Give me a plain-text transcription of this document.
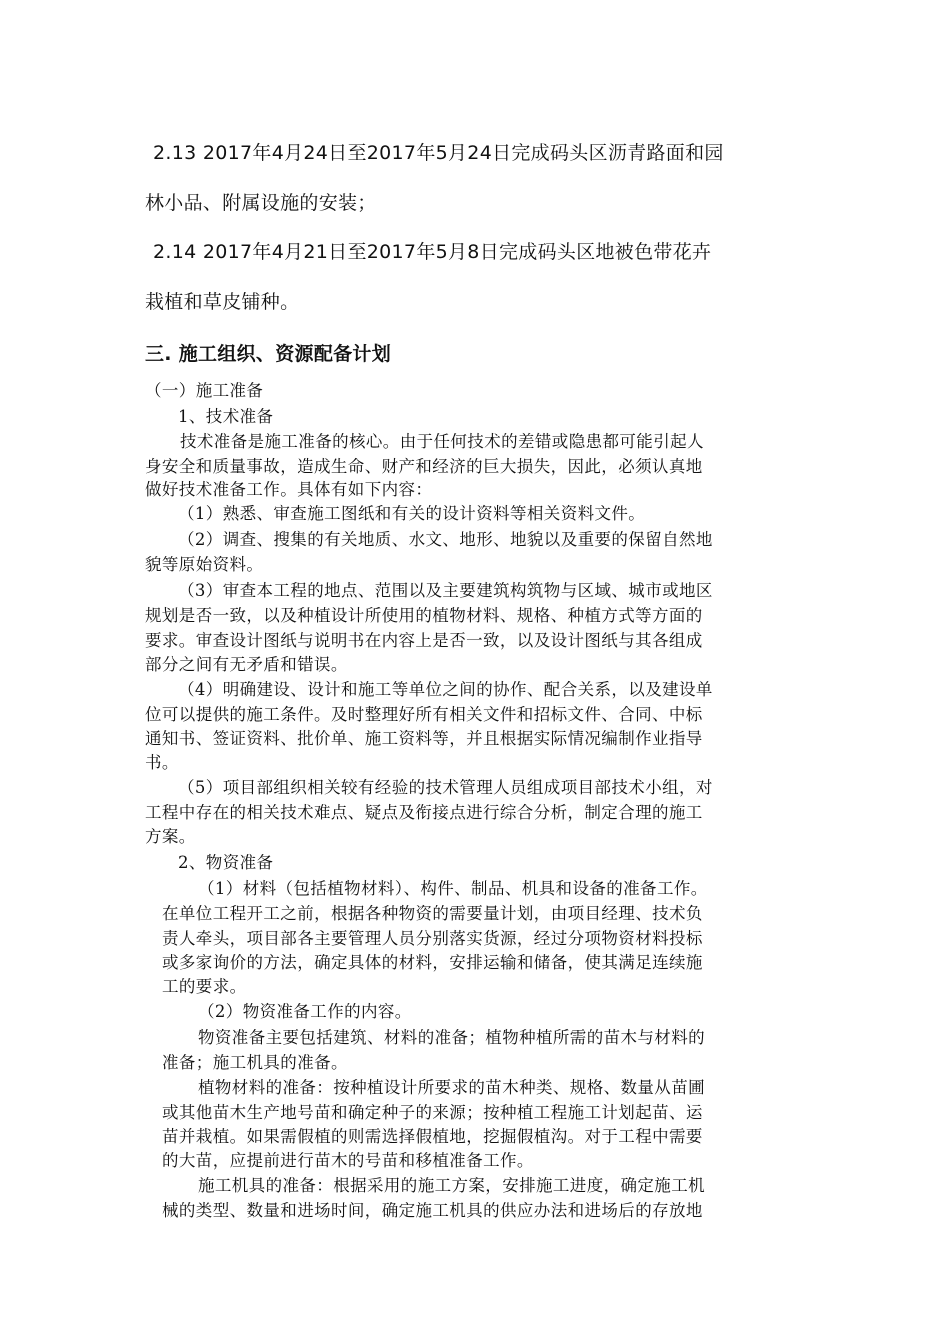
2.13 2017年4月24日至2017年5月24日完成码头区沥青路面和园
林小品、附属设施的安装；
2.14 2017年4月21日至2017年5月8日完成码头区地被色带花卉
栽植和草皮铺种。
三. 施工组织、资源配备计划
（一）施工准备
1、技术准备
技术准备是施工准备的核心。由于任何技术的差错或隐患都可能引起人
身安全和质量事故，造成生命、财产和经济的巨大损失，因此，必须认真地
做好技术准备工作。具体有如下内容：
（1）熟悉、审查施工图纸和有关的设计资料等相关资料文件。
（2）调查、搜集的有关地质、水文、地形、地貌以及重要的保留自然地
貌等原始资料。
（3）审查本工程的地点、范围以及主要建筑构筑物与区域、城市或地区
规划是否一致，以及种植设计所使用的植物材料、规格、种植方式等方面的
要求。审查设计图纸与说明书在内容上是否一致，以及设计图纸与其各组成
部分之间有无矛盾和错误。
（4）明确建设、设计和施工等单位之间的协作、配合关系，以及建设单
位可以提供的施工条件。及时整理好所有相关文件和招标文件、合同、中标
通知书、签证资料、批价单、施工资料等，并且根据实际情况编制作业指导
书。
（5）项目部组织相关较有经验的技术管理人员组成项目部技术小组，对
工程中存在的相关技术难点、疑点及衔接点进行综合分析，制定合理的施工
方案。
2、物资准备
（1）材料（包括植物材料）、构件、制品、机具和设备的准备工作。
在单位工程开工之前，根据各种物资的需要量计划，由项目经理、技术负
责人牵头，项目部各主要管理人员分别落实货源，经过分项物资材料投标
或多家询价的方法，确定具体的材料，安排运输和储备，使其满足连续施
工的要求。
（2）物资准备工作的内容。
物资准备主要包括建筑、材料的准备；植物种植所需的苗木与材料的
准备；施工机具的准备。
植物材料的准备：按种植设计所要求的苗木种类、规格、数量从苗圃
或其他苗木生产地号苗和确定种子的来源；按种植工程施工计划起苗、运
苗并栽植。如果需假植的则需选择假植地，挖掘假植沟。对于工程中需要
的大苗，应提前进行苗木的号苗和移植准备工作。
施工机具的准备：根据采用的施工方案，安排施工进度，确定施工机
械的类型、数量和进场时间，确定施工机具的供应办法和进场后的存放地
